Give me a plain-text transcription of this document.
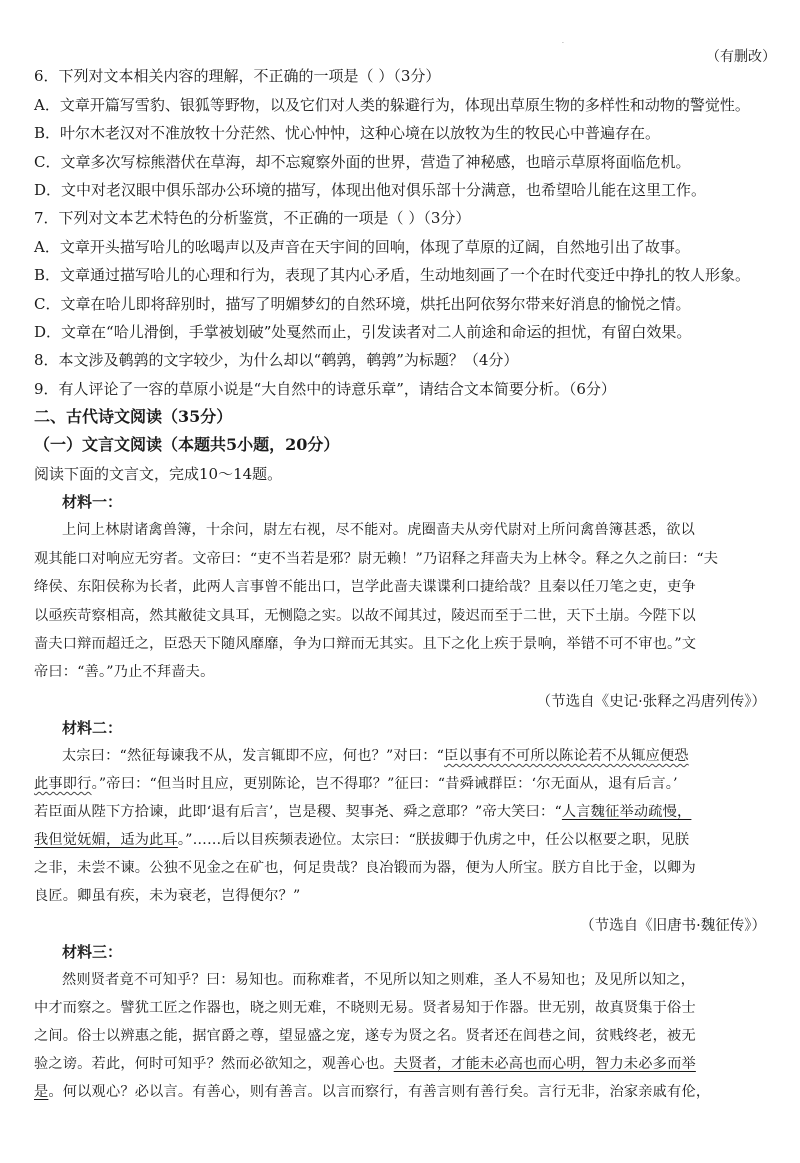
·
（有删改）
6．下列对文本相关内容的理解，不正确的一项是（ ）（3分）
A．文章开篇写雪豹、银狐等野物，以及它们对人类的躲避行为，体现出草原生物的多样性和动物的警觉性。
B．叶尔木老汉对不准放牧十分茫然、忧心忡忡，这种心境在以放牧为生的牧民心中普遍存在。
C．文章多次写棕熊潜伏在草海，却不忘窥察外面的世界，营造了神秘感，也暗示草原将面临危机。
D．文中对老汉眼中俱乐部办公环境的描写，体现出他对俱乐部十分满意，也希望哈儿能在这里工作。
7．下列对文本艺术特色的分析鉴赏，不正确的一项是（ ）（3分）
A．文章开头描写哈儿的吆喝声以及声音在天宇间的回响，体现了草原的辽阔，自然地引出了故事。
B．文章通过描写哈儿的心理和行为，表现了其内心矛盾，生动地刻画了一个在时代变迁中挣扎的牧人形象。
C．文章在哈儿即将辞别时，描写了明媚梦幻的自然环境，烘托出阿依努尔带来好消息的愉悦之情。
D．文章在“哈儿滑倒，手掌被划破”处戛然而止，引发读者对二人前途和命运的担忧，有留白效果。
8．本文涉及鹌鹑的文字较少，为什么却以“鹌鹑，鹌鹑”为标题？（4分）
9．有人评论了一容的草原小说是“大自然中的诗意乐章”，请结合文本简要分析。（6分）
二、古代诗文阅读（35分）
（一）文言文阅读（本题共5小题，20分）
阅读下面的文言文，完成10～14题。
材料一：
上问上林尉诸禽兽簿，十余问，尉左右视，尽不能对。虎圈啬夫从旁代尉对上所问禽兽簿甚悉，欲以
观其能口对响应无穷者。文帝曰：“吏不当若是邪？尉无赖！”乃诏释之拜啬夫为上林令。释之久之前曰：“夫
绛侯、东阳侯称为长者，此两人言事曾不能出口，岂学此啬夫谍谍利口捷给哉？且秦以任刀笔之吏，吏争
以亟疾苛察相高，然其敝徒文具耳，无恻隐之实。以故不闻其过，陵迟而至于二世，天下土崩。今陛下以
啬夫口辩而超迁之，臣恐天下随风靡靡，争为口辩而无其实。且下之化上疾于景响，举错不可不审也。”文
帝曰：“善。”乃止不拜啬夫。
（节选自《史记·张释之冯唐列传》）
材料二：
太宗曰：“然征每谏我不从，发言辄即不应，何也？”对曰：“臣以事有不可所以陈论若不从辄应便恐
此事即行。”帝曰：“但当时且应，更别陈论，岂不得耶？”征曰：“昔舜诫群臣：‘尔无面从，退有后言。’
若臣面从陛下方拾谏，此即‘退有后言’，岂是稷、契事尧、舜之意耶？”帝大笑曰：“人言魏征举动疏慢，
我但觉妩媚，适为此耳。”……后以目疾频表逊位。太宗曰：“朕拔卿于仇虏之中，任公以枢要之职，见朕
之非，未尝不谏。公独不见金之在矿也，何足贵哉？良冶锻而为器，便为人所宝。朕方自比于金，以卿为
良匠。卿虽有疾，未为衰老，岂得便尔？”
（节选自《旧唐书·魏征传》）
材料三：
然则贤者竟不可知乎？曰：易知也。而称难者，不见所以知之则难，圣人不易知也；及见所以知之，
中才而察之。譬犹工匠之作器也，晓之则无难，不晓则无易。贤者易知于作器。世无别，故真贤集于俗士
之间。俗士以辨惠之能，据官爵之尊，望显盛之宠，遂专为贤之名。贤者还在闾巷之间，贫贱终老，被无
验之谤。若此，何时可知乎？然而必欲知之，观善心也。夫贤者，才能未必高也而心明，智力未必多而举
是。何以观心？必以言。有善心，则有善言。以言而察行，有善言则有善行矣。言行无非，治家亲戚有伦，
